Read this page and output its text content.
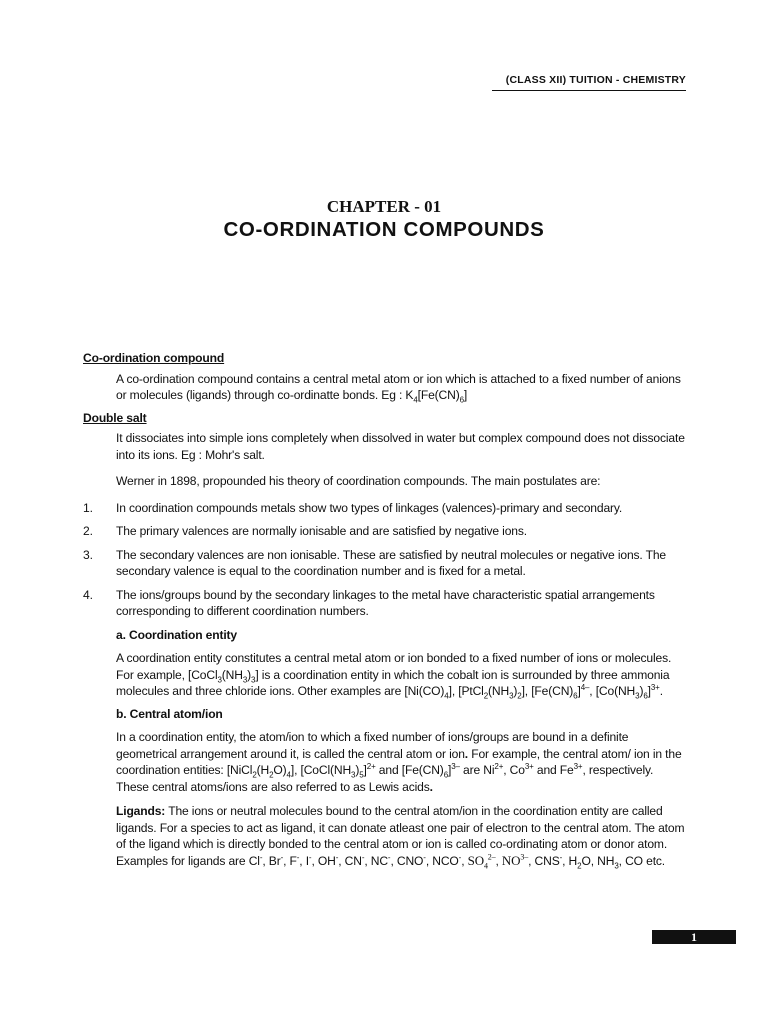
(CLASS XII) TUITION - CHEMISTRY
CHAPTER - 01
CO-ORDINATION COMPOUNDS
Co-ordination compound
A co-ordination compound contains a central metal atom or ion which is attached to a fixed number of anions or molecules (ligands) through co-ordinatte bonds. Eg : $K_4[Fe(CN)_6]$
Double salt
It dissociates into simple ions completely when dissolved in water but complex compound does not dissociate into its ions. Eg : Mohr's salt.
Werner in 1898, propounded his theory of coordination compounds. The main postulates are:
1.	In coordination compounds metals show two types of linkages (valences)-primary and secondary.
2.	The primary valences are normally ionisable and are satisfied by negative ions.
3.	The secondary valences are non ionisable. These are satisfied by neutral molecules or negative ions. The secondary valence is equal to the coordination number and is fixed for a metal.
4.	The ions/groups bound by the secondary linkages to the metal have characteristic spatial arrangements corresponding to different coordination numbers.
a. Coordination entity
A coordination entity constitutes a central metal atom or ion bonded to a fixed number of ions or molecules. For example, $[CoCl_3(NH_3)_3]$ is a coordination entity in which the cobalt ion is surrounded by three ammonia molecules and three chloride ions. Other examples are $[Ni(CO)_4]$, $[PtCl_2(NH_3)_2]$, $[Fe(CN)_6]^{4-}$, $[Co(NH_3)_6]^{3+}$.
b. Central atom/ion
In a coordination entity, the atom/ion to which a fixed number of ions/groups are bound in a definite geometrical arrangement around it, is called the central atom or ion. For example, the central atom/ ion in the coordination entities: $[NiCl_2(H_2O)_4]$, $[CoCl(NH_3)_5]^{2+}$ and $[Fe(CN)_6]^{3-}$ are $Ni^{2+}$, $Co^{3+}$ and $Fe^{3+}$, respectively. These central atoms/ions are also referred to as Lewis acids.
Ligands: The ions or neutral molecules bound to the central atom/ion in the coordination entity are called ligands. For a species to act as ligand, it can donate atleast one pair of electron to the central atom. The atom of the ligand which is directly bonded to the central atom or ion is called co-ordinating atom or donor atom. Examples for ligands are Cl-, Br-, F-, I-, OH-, CN-, NC-, CNO-, NCO-, $SO_4^{2-}$, $NO^{3-}$, CNS-, $H_2O$, $NH_3$, CO etc.
1
